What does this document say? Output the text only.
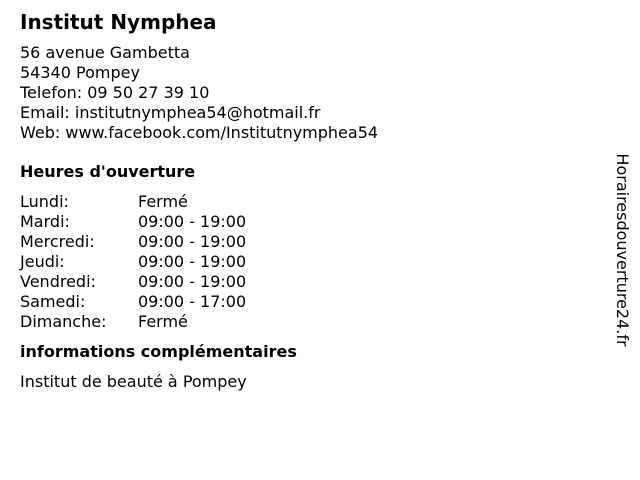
Institut Nymphea
56 avenue Gambetta
54340 Pompey
Telefon: 09 50 27 39 10
Email: institutnymphea54@hotmail.fr
Web: www.facebook.com/Institutnymphea54
Heures d'ouverture
Lundi:	Fermé
Mardi:	09:00 - 19:00
Mercredi:	09:00 - 19:00
Jeudi:	09:00 - 19:00
Vendredi:	09:00 - 19:00
Samedi:	09:00 - 17:00
Dimanche: Fermé
informations complémentaires
Institut de beauté à Pompey
Horairesdouverture24.fr
